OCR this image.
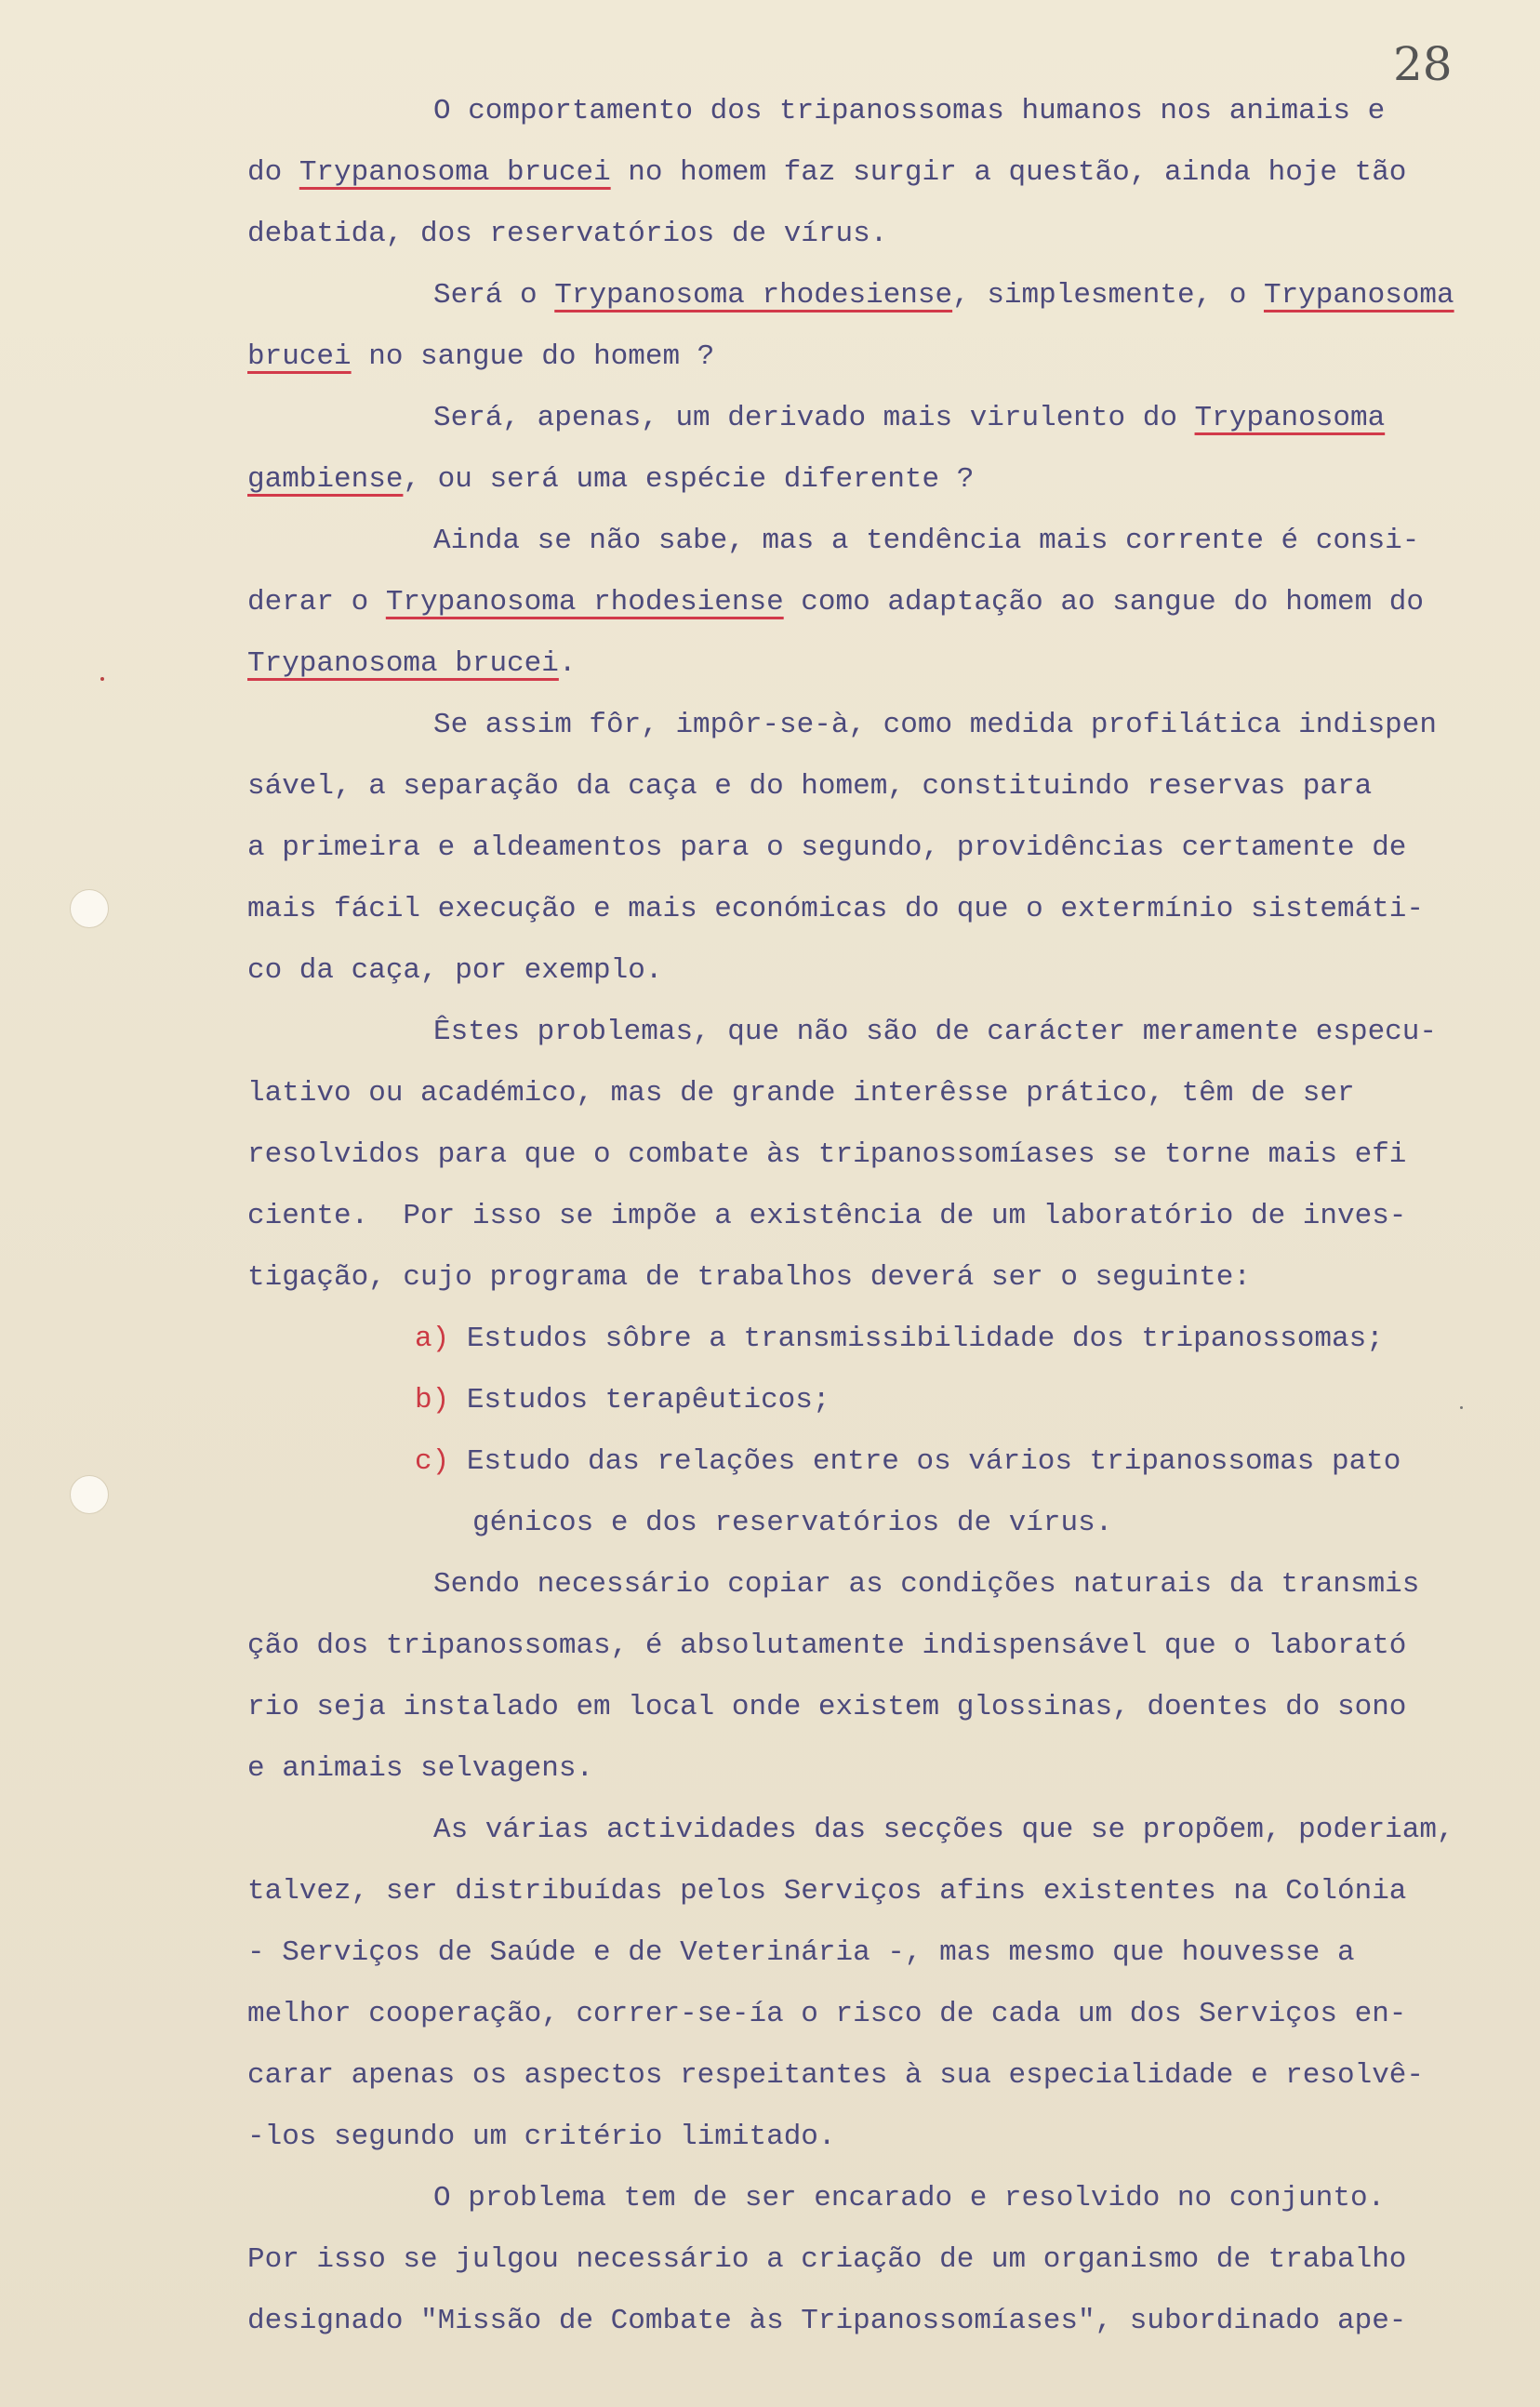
28
O comportamento dos tripanossomas humanos nos animais e
do Trypanosoma brucei no homem faz surgir a questão, ainda hoje tão
debatida, dos reservatórios de vírus.
Será o Trypanosoma rhodesiense, simplesmente, o Trypanosoma
brucei no sangue do homem ?
Será, apenas, um derivado mais virulento do Trypanosoma
gambiense, ou será uma espécie diferente ?
Ainda se não sabe, mas a tendência mais corrente é consi-
derar o Trypanosoma rhodesiense como adaptação ao sangue do homem do
Trypanosoma brucei.
Se assim fôr, impôr-se-à, como medida profilática indispen
sável, a separação da caça e do homem, constituindo reservas para
a primeira e aldeamentos para o segundo, providências certamente de
mais fácil execução e mais económicas do que o extermínio sistemáti-
co da caça, por exemplo.
Êstes problemas, que não são de carácter meramente especu-
lativo ou académico, mas de grande interêsse prático, têm de ser
resolvidos para que o combate às tripanossomíases se torne mais efi
ciente.  Por isso se impõe a existência de um laboratório de inves-
tigação, cujo programa de trabalhos deverá ser o seguinte:
a) Estudos sôbre a transmissibilidade dos tripanossomas;
b) Estudos terapêuticos;
c) Estudo das relações entre os vários tripanossomas pato
génicos e dos reservatórios de vírus.
Sendo necessário copiar as condições naturais da transmis
ção dos tripanossomas, é absolutamente indispensável que o laborató
rio seja instalado em local onde existem glossinas, doentes do sono
e animais selvagens.
As várias actividades das secções que se propõem, poderiam,
talvez, ser distribuídas pelos Serviços afins existentes na Colónia
- Serviços de Saúde e de Veterinária -, mas mesmo que houvesse a
melhor cooperação, correr-se-ía o risco de cada um dos Serviços en-
carar apenas os aspectos respeitantes à sua especialidade e resolvê-
-los segundo um critério limitado.
O problema tem de ser encarado e resolvido no conjunto.
Por isso se julgou necessário a criação de um organismo de trabalho
designado "Missão de Combate às Tripanossomíases", subordinado ape-
